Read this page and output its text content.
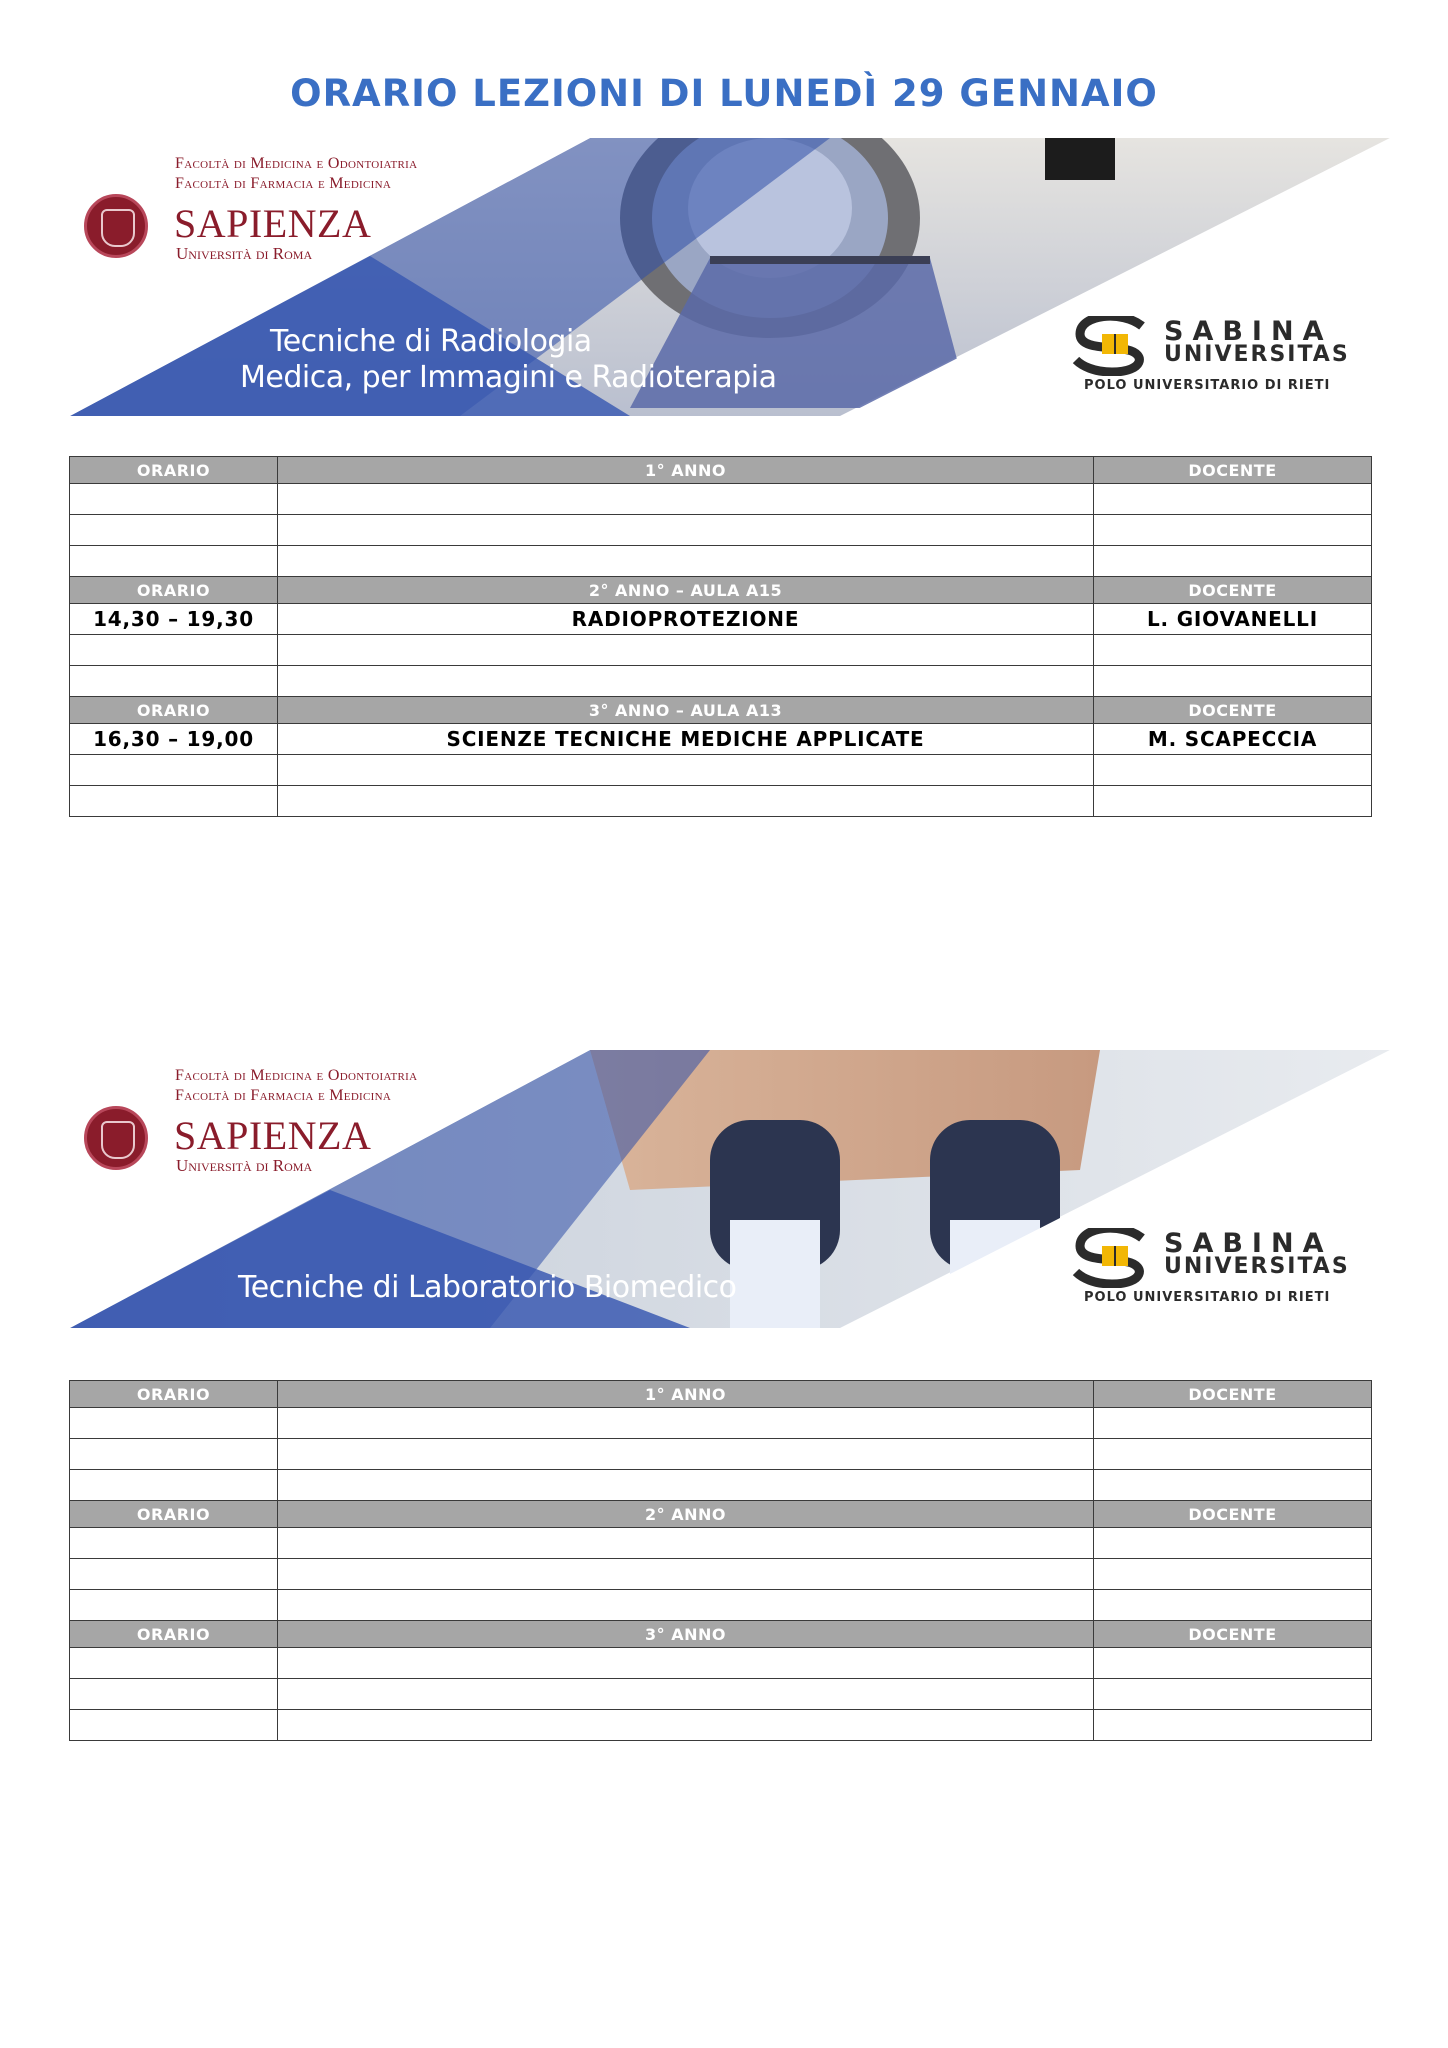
ORARIO LEZIONI DI LUNEDÌ 29 GENNAIO
Facoltà di Medicina e Odontoiatria
Facoltà di Farmacia e Medicina
SAPIENZA
Università di Roma
Tecniche di Radiologia
Medica, per Immagini e Radioterapia
SABINA
UNIVERSITAS
POLO UNIVERSITARIO DI RIETI
ORARIO	1° ANNO	DOCENTE

ORARIO	2° ANNO – AULA A15	DOCENTE
14,30 – 19,30	RADIOPROTEZIONE	L. GIOVANELLI

ORARIO	3° ANNO – AULA A13	DOCENTE
16,30 – 19,00	SCIENZE TECNICHE MEDICHE APPLICATE	M. SCAPECCIA

Facoltà di Medicina e Odontoiatria
Facoltà di Farmacia e Medicina
SAPIENZA
Università di Roma
Tecniche di Laboratorio Biomedico
SABINA
UNIVERSITAS
POLO UNIVERSITARIO DI RIETI
ORARIO	1° ANNO	DOCENTE

ORARIO	2° ANNO	DOCENTE

ORARIO	3° ANNO	DOCENTE
